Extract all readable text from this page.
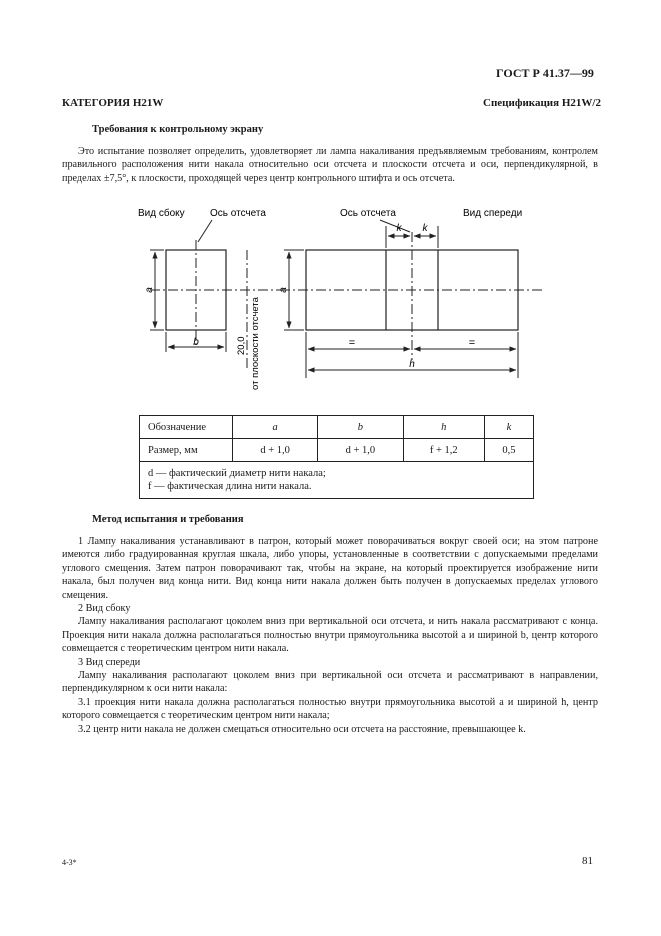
ГОСТ Р 41.37—99
КАТЕГОРИЯ H21W	Спецификация H21W/2
Требования к контрольному экрану
Это испытание позволяет определить, удовлетворяет ли лампа накаливания предъявляемым требованиям, контролем правильного расположения нити накала относительно оси отсчета и плоскости отсчета и оси, перпендикулярной, в пределах ±7,5°, к плоскости, проходящей через центр контрольного штифта и ось отсчета.
Вид сбоку	Ось отсчета	Ось отсчета	Вид спереди
a
b
a
k k
=	=
h
20,0 от плоскости отсчета
Обозначение	a	b	h	k
Размер, мм	d + 1,0	d + 1,0	f + 1,2	0,5

d — фактический диаметр нити накала;
f — фактическая длина нити накала.				
Метод испытания и требования
1 Лампу накаливания устанавливают в патрон, который может поворачиваться вокруг своей оси; на этом патроне имеются либо градуированная круглая шкала, либо упоры, установленные в соответствии с допускаемыми пределами углового смещения. Затем патрон поворачивают так, чтобы на экране, на который проектируется изображение нити накала, был получен вид конца нити. Вид конца нити накала должен быть получен в допускаемых пределах углового смещения.
2 Вид сбоку
Лампу накаливания располагают цоколем вниз при вертикальной оси отсчета, и нить накала рассматривают с конца. Проекция нити накала должна располагаться полностью внутри прямоугольника высотой a и шириной b, центр которого совмещается с теоретическим центром нити накала.
3 Вид спереди
Лампу накаливания располагают цоколем вниз при вертикальной оси отсчета и рассматривают в направлении, перпендикулярном к оси нити накала:
3.1 проекция нити накала должна располагаться полностью внутри прямоугольника высотой a и шириной h, центр которого совмещается с теоретическим центром нити накала;
3.2 центр нити накала не должен смещаться относительно оси отсчета на расстояние, превышающее k.
4-3*	81
